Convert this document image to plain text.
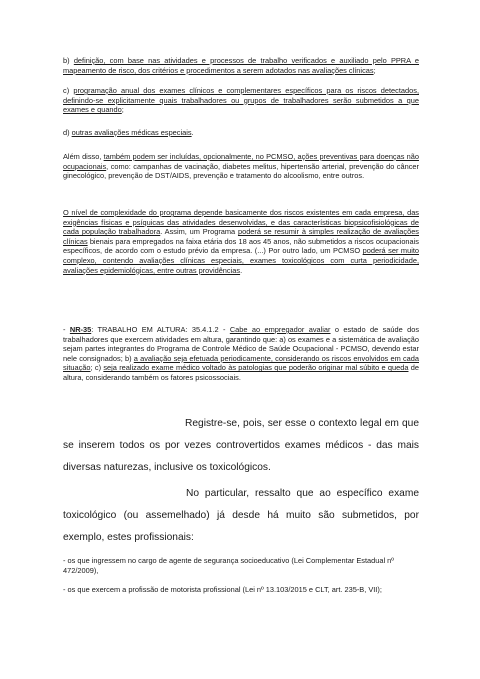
b) definição, com base nas atividades e processos de trabalho verificados e auxiliado pelo PPRA e mapeamento de risco, dos critérios e procedimentos a serem adotados nas avaliações clínicas;

c) programação anual dos exames clínicos e complementares específicos para os riscos detectados, definindo-se explicitamente quais trabalhadores ou grupos de trabalhadores serão submetidos a que exames e quando;

d) outras avaliações médicas especiais.

Além disso, também podem ser incluídas, opcionalmente, no PCMSO, ações preventivas para doenças não ocupacionais, como: campanhas de vacinação, diabetes melitus, hipertensão arterial, prevenção do câncer ginecológico, prevenção de DST/AIDS, prevenção e tratamento do alcoolismo, entre outros.

O nível de complexidade do programa depende basicamente dos riscos existentes em cada empresa, das exigências físicas e psíquicas das atividades desenvolvidas, e das características biopsicofisiológicas de cada população trabalhadora. Assim, um Programa poderá se resumir à simples realização de avaliações clínicas bienais para empregados na faixa etária dos 18 aos 45 anos, não submetidos a riscos ocupacionais específicos, de acordo com o estudo prévio da empresa. (...) Por outro lado, um PCMSO poderá ser muito complexo, contendo avaliações clínicas especiais, exames toxicológicos com curta periodicidade, avaliações epidemiológicas, entre outras providências.

- NR-35: TRABALHO EM ALTURA: 35.4.1.2 - Cabe ao empregador avaliar o estado de saúde dos trabalhadores que exercem atividades em altura, garantindo que: a) os exames e a sistemática de avaliação sejam partes integrantes do Programa de Controle Médico de Saúde Ocupacional - PCMSO, devendo estar nele consignados; b) a avaliação seja efetuada periodicamente, considerando os riscos envolvidos em cada situação; c) seja realizado exame médico voltado às patologias que poderão originar mal súbito e queda de altura, considerando também os fatores psicossociais.

Registre-se, pois, ser esse o contexto legal em que se inserem todos os por vezes controvertidos exames médicos - das mais diversas naturezas, inclusive os toxicológicos.

No particular, ressalto que ao específico exame toxicológico (ou assemelhado) já desde há muito são submetidos, por exemplo, estes profissionais:

- os que ingressem no cargo de agente de segurança socioeducativo (Lei Complementar Estadual nº 472/2009),

- os que exercem a profissão de motorista profissional (Lei nº 13.103/2015 e CLT, art. 235-B, VII);
